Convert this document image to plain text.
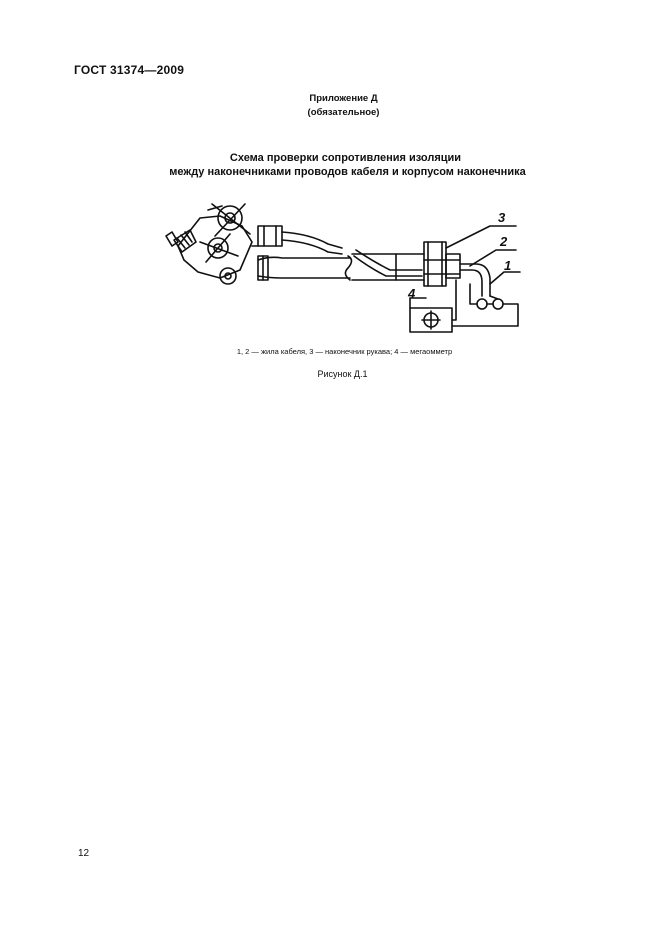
ГОСТ 31374—2009
Приложение Д
(обязательное)
Схема проверки сопротивления изоляции
между наконечниками проводов кабеля и корпусом наконечника
3
2
1
4
1, 2 — жила кабеля, 3 — наконечник рукава; 4 — мегаомметр
Рисунок Д.1
12
